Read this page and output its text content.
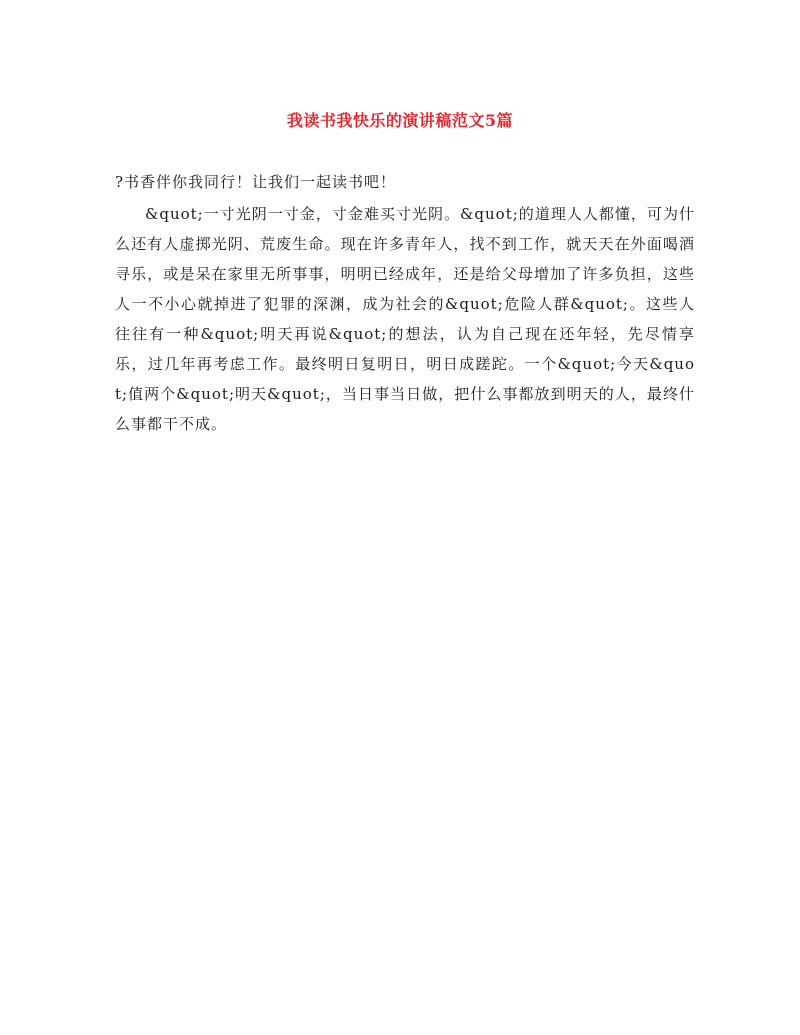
我读书我快乐的演讲稿范文5篇
?书香伴你我同行！让我们一起读书吧！
&quot;一寸光阴一寸金，寸金难买寸光阴。&quot;的道理人人都懂，可为什么还有人虚掷光阴、荒废生命。现在许多青年人，找不到工作，就天天在外面喝酒寻乐，或是呆在家里无所事事，明明已经成年，还是给父母增加了许多负担，这些人一不小心就掉进了犯罪的深渊，成为社会的&quot;危险人群&quot;。这些人往往有一种&quot;明天再说&quot;的想法，认为自己现在还年轻，先尽情享乐，过几年再考虑工作。最终明日复明日，明日成蹉跎。一个&quot;今天&quot;值两个&quot;明天&quot;，当日事当日做，把什么事都放到明天的人，最终什么事都干不成。
